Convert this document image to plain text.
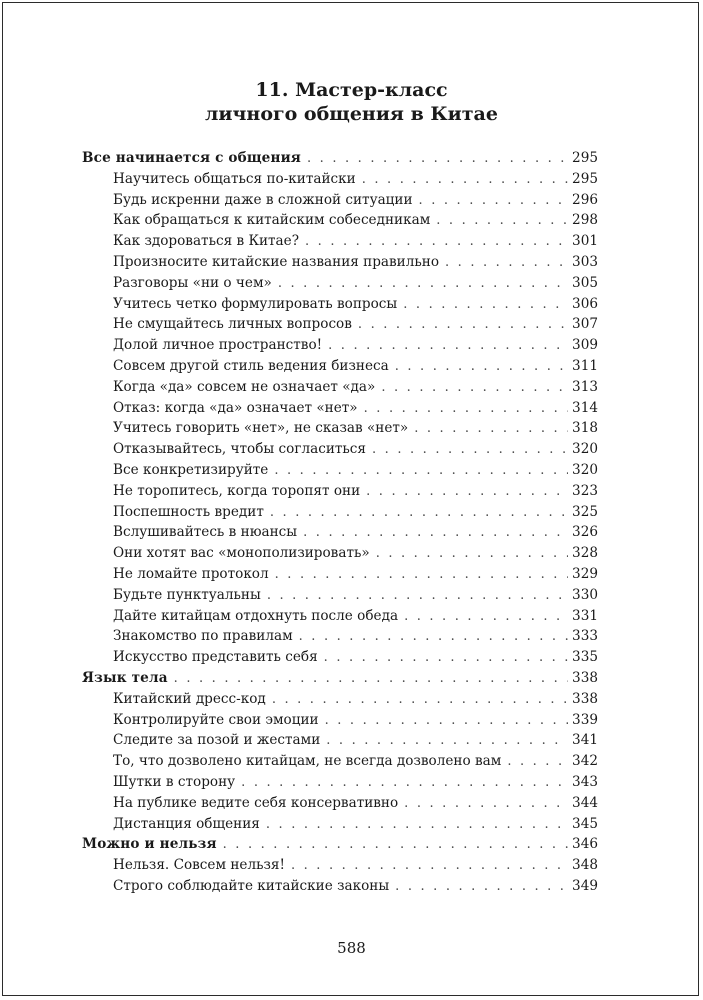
11. Мастер-класс
личного общения в Китае
Все начинается с общения . . .	295
Научитесь общаться по-китайски . . .	295
Будь искренни даже в сложной ситуации . . .	296
Как обращаться к китайским собеседникам . . .	298
Как здороваться в Китае? . . .	301
Произносите китайские названия правильно . . .	303
Разговоры «ни о чем» . . .	305
Учитесь четко формулировать вопросы . . .	306
Не смущайтесь личных вопросов . . .	307
Долой личное пространство! . . .	309
Совсем другой стиль ведения бизнеса . . .	311
Когда «да» совсем не означает «да» . . .	313
Отказ: когда «да» означает «нет» . . .	314
Учитесь говорить «нет», не сказав «нет» . . .	318
Отказывайтесь, чтобы согласиться . . .	320
Все конкретизируйте . . .	320
Не торопитесь, когда торопят они . . .	323
Поспешность вредит . . .	325
Вслушивайтесь в нюансы . . .	326
Они хотят вас «монополизировать» . . .	328
Не ломайте протокол . . .	329
Будьте пунктуальны . . .	330
Дайте китайцам отдохнуть после обеда . . .	331
Знакомство по правилам . . .	333
Искусство представить себя . . .	335
Язык тела . . .	338
Китайский дресс-код . . .	338
Контролируйте свои эмоции . . .	339
Следите за позой и жестами . . .	341
То, что дозволено китайцам, не всегда дозволено вам . . .	342
Шутки в сторону . . .	343
На публике ведите себя консервативно . . .	344
Дистанция общения . . .	345
Можно и нельзя . . .	346
Нельзя. Совсем нельзя! . . .	348
Строго соблюдайте китайские законы . . .	349
588
